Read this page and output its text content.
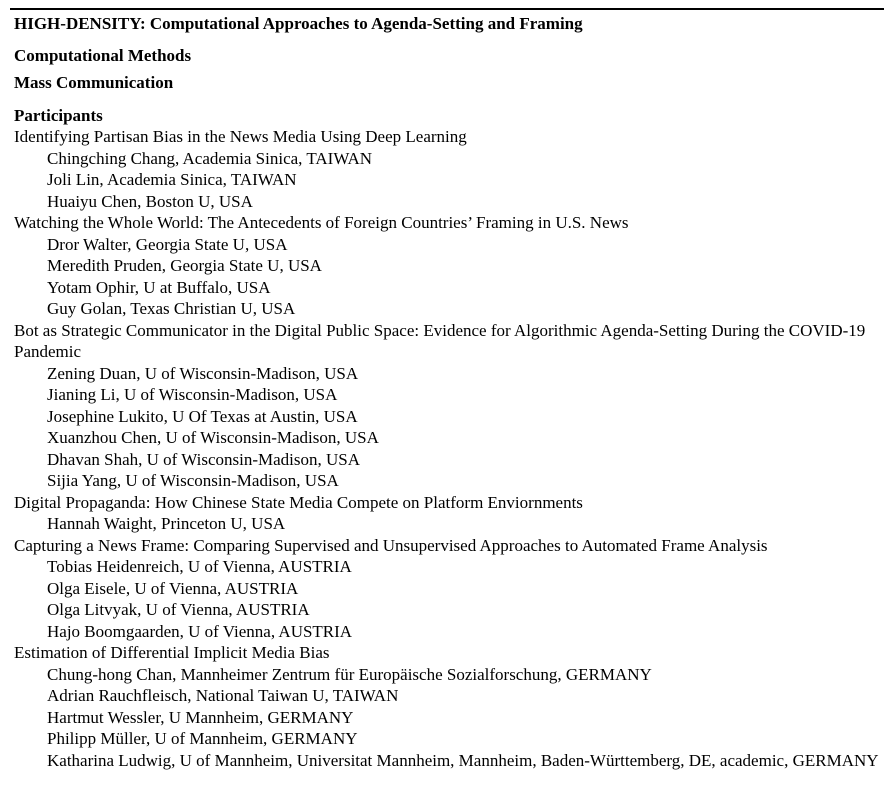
HIGH-DENSITY: Computational Approaches to Agenda-Setting and Framing

Computational Methods

Mass Communication

Participants

Identifying Partisan Bias in the News Media Using Deep Learning

Chingching Chang, Academia Sinica, TAIWAN

Joli Lin, Academia Sinica, TAIWAN

Huaiyu Chen, Boston U, USA

Watching the Whole World: The Antecedents of Foreign Countries’ Framing in U.S. News

Dror Walter, Georgia State U, USA

Meredith Pruden, Georgia State U, USA

Yotam Ophir, U at Buffalo, USA

Guy Golan, Texas Christian U, USA

Bot as Strategic Communicator in the Digital Public Space: Evidence for Algorithmic Agenda-Setting During the COVID-19 Pandemic

Zening Duan, U of Wisconsin-Madison, USA

Jianing Li, U of Wisconsin-Madison, USA

Josephine Lukito, U Of Texas at Austin, USA

Xuanzhou Chen, U of Wisconsin-Madison, USA

Dhavan Shah, U of Wisconsin-Madison, USA

Sijia Yang, U of Wisconsin-Madison, USA

Digital Propaganda: How Chinese State Media Compete on Platform Enviornments

Hannah Waight, Princeton U, USA

Capturing a News Frame: Comparing Supervised and Unsupervised Approaches to Automated Frame Analysis

Tobias Heidenreich, U of Vienna, AUSTRIA

Olga Eisele, U of Vienna, AUSTRIA

Olga Litvyak, U of Vienna, AUSTRIA

Hajo Boomgaarden, U of Vienna, AUSTRIA

Estimation of Differential Implicit Media Bias

Chung-hong Chan, Mannheimer Zentrum für Europäische Sozialforschung, GERMANY

Adrian Rauchfleisch, National Taiwan U, TAIWAN

Hartmut Wessler, U Mannheim, GERMANY

Philipp Müller, U of Mannheim, GERMANY

Katharina Ludwig, U of Mannheim, Universitat Mannheim, Mannheim, Baden-Württemberg, DE, academic, GERMANY
